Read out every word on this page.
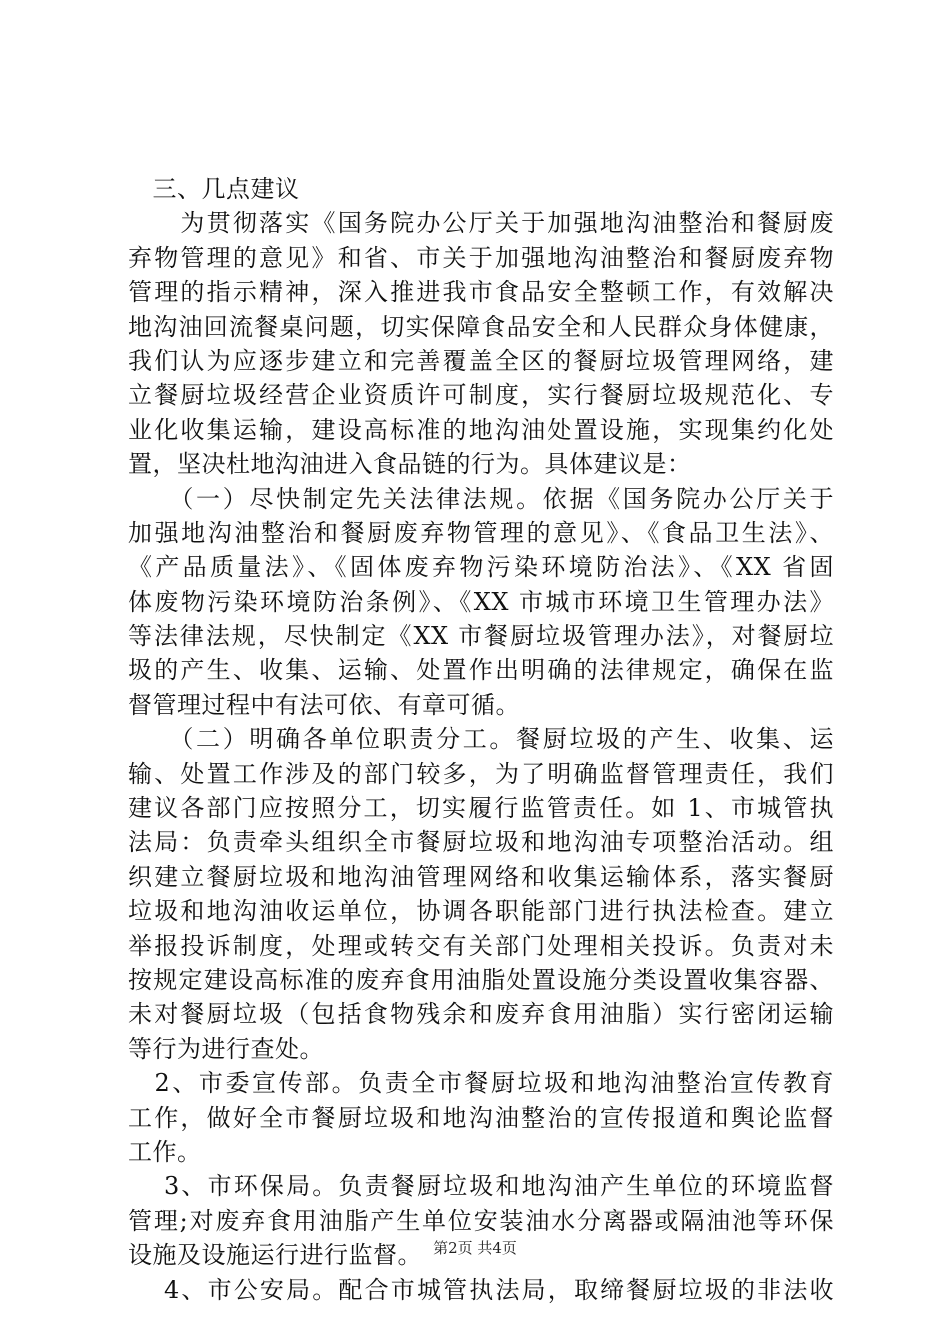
　三、几点建议
　　为贯彻落实《国务院办公厅关于加强地沟油整治和餐厨废
弃物管理的意见》和省、市关于加强地沟油整治和餐厨废弃物
管理的指示精神，深入推进我市食品安全整顿工作，有效解决
地沟油回流餐桌问题，切实保障食品安全和人民群众身体健康，
我们认为应逐步建立和完善覆盖全区的餐厨垃圾管理网络，建
立餐厨垃圾经营企业资质许可制度，实行餐厨垃圾规范化、专
业化收集运输，建设高标准的地沟油处置设施，实现集约化处
置，坚决杜地沟油进入食品链的行为。具体建议是：
　　（一）尽快制定先关法律法规。依据《国务院办公厅关于
加强地沟油整治和餐厨废弃物管理的意见》、《食品卫生法》、
《产品质量法》、《固体废弃物污染环境防治法》、《XX 省固
体废物污染环境防治条例》、《XX 市城市环境卫生管理办法》
等法律法规，尽快制定《XX 市餐厨垃圾管理办法》，对餐厨垃
圾的产生、收集、运输、处置作出明确的法律规定，确保在监
督管理过程中有法可依、有章可循。
　　（二）明确各单位职责分工。餐厨垃圾的产生、收集、运
输、处置工作涉及的部门较多，为了明确监督管理责任，我们
建议各部门应按照分工，切实履行监管责任。如 1、市城管执
法局：负责牵头组织全市餐厨垃圾和地沟油专项整治活动。组
织建立餐厨垃圾和地沟油管理网络和收集运输体系，落实餐厨
垃圾和地沟油收运单位，协调各职能部门进行执法检查。建立
举报投诉制度，处理或转交有关部门处理相关投诉。负责对未
按规定建设高标准的废弃食用油脂处置设施分类设置收集容器、
未对餐厨垃圾（包括食物残余和废弃食用油脂）实行密闭运输
等行为进行查处。
　2、市委宣传部。负责全市餐厨垃圾和地沟油整治宣传教育
工作，做好全市餐厨垃圾和地沟油整治的宣传报道和舆论监督
工作。
　 3、市环保局。负责餐厨垃圾和地沟油产生单位的环境监督
管理;对废弃食用油脂产生单位安装油水分离器或隔油池等环保
设施及设施运行进行监督。
　 4、市公安局。配合市城管执法局，取缔餐厨垃圾的非法收
第2页 共4页
